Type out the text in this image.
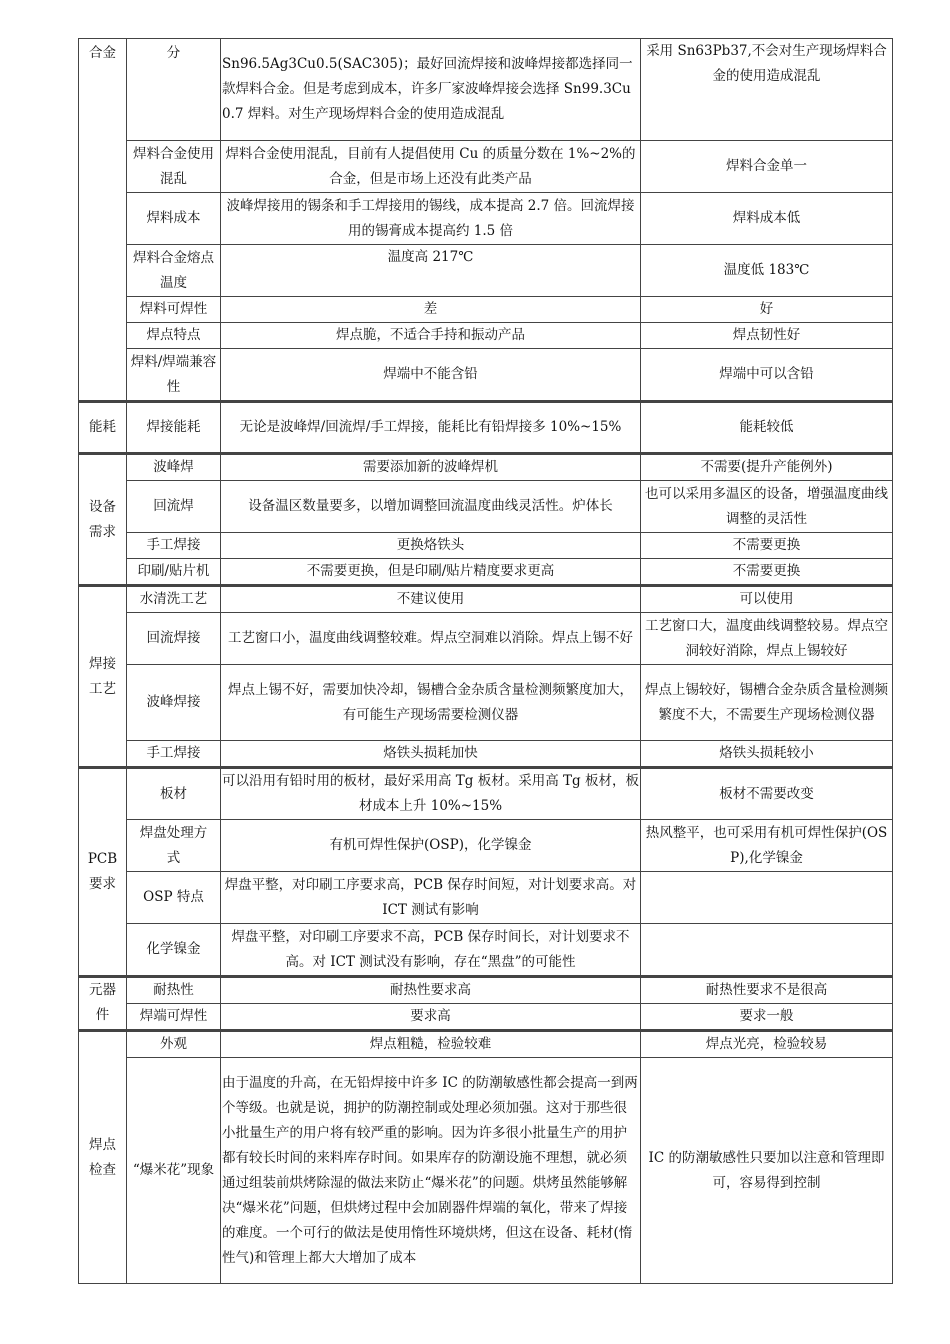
合金	分	Sn96.5Ag3Cu0.5(SAC305)；最好回流焊接和波峰焊接都选择同一款焊料合金。但是考虑到成本，许多厂家波峰焊接会选择 Sn99.3Cu0.7 焊料。对生产现场焊料合金的使用造成混乱	采用 Sn63Pb37,不会对生产现场焊料合金的使用造成混乱
	焊料合金使用混乱	焊料合金使用混乱，目前有人提倡使用 Cu 的质量分数在 1%~2%的合金，但是市场上还没有此类产品	焊料合金单一
	焊料成本	波峰焊接用的锡条和手工焊接用的锡线，成本提高 2.7 倍。回流焊接用的锡膏成本提高约 1.5 倍	焊料成本低
	焊料合金熔点温度	温度高 217℃	温度低 183℃
	焊料可焊性	差	好
	焊点特点	焊点脆，不适合手持和振动产品	焊点韧性好
	焊料/焊端兼容性	焊端中不能含铅	焊端中可以含铅
能耗	焊接能耗	无论是波峰焊/回流焊/手工焊接，能耗比有铅焊接多 10%~15%	能耗较低
设备需求	波峰焊	需要添加新的波峰焊机	不需要(提升产能例外)
	回流焊	设备温区数量要多，以增加调整回流温度曲线灵活性。炉体长	也可以采用多温区的设备，增强温度曲线调整的灵活性
	手工焊接	更换烙铁头	不需要更换
	印刷/贴片机	不需要更换，但是印刷/贴片精度要求更高	不需要更换
焊接工艺	水清洗工艺	不建议使用	可以使用
	回流焊接	工艺窗口小，温度曲线调整较难。焊点空洞难以消除。焊点上锡不好	工艺窗口大，温度曲线调整较易。焊点空洞较好消除，焊点上锡较好
	波峰焊接	焊点上锡不好，需要加快冷却，锡槽合金杂质含量检测频繁度加大，有可能生产现场需要检测仪器	焊点上锡较好，锡槽合金杂质含量检测频繁度不大，不需要生产现场检测仪器
	手工焊接	烙铁头损耗加快	烙铁头损耗较小
PCB 要求	板材	可以沿用有铅时用的板材，最好采用高 Tg 板材。采用高 Tg 板材，板材成本上升 10%~15%	板材不需要改变
	焊盘处理方式	有机可焊性保护(OSP)，化学镍金	热风整平，也可采用有机可焊性保护(OSP),化学镍金
	OSP 特点	焊盘平整，对印刷工序要求高，PCB 保存时间短，对计划要求高。对 ICT 测试有影响	
	化学镍金	焊盘平整，对印刷工序要求不高，PCB 保存时间长，对计划要求不高。对 ICT 测试没有影响，存在“黑盘”的可能性	
元器件	耐热性	耐热性要求高	耐热性要求不是很高
	焊端可焊性	要求高	要求一般
焊点检查	外观	焊点粗糙，检验较难	焊点光亮，检验较易
	“爆米花”现象	由于温度的升高，在无铅焊接中许多 IC 的防潮敏感性都会提高一到两个等级。也就是说，拥护的防潮控制或处理必须加强。这对于那些很小批量生产的用户将有较严重的影响。因为许多很小批量生产的用护都有较长时间的来料库存时间。如果库存的防潮设施不理想，就必须通过组装前烘烤除湿的做法来防止“爆米花”的问题。烘烤虽然能够解决“爆米花”问题，但烘烤过程中会加剧器件焊端的氧化，带来了焊接的难度。一个可行的做法是使用惰性环境烘烤，但这在设备、耗材(惰性气)和管理上都大大增加了成本	IC 的防潮敏感性只要加以注意和管理即可，容易得到控制
